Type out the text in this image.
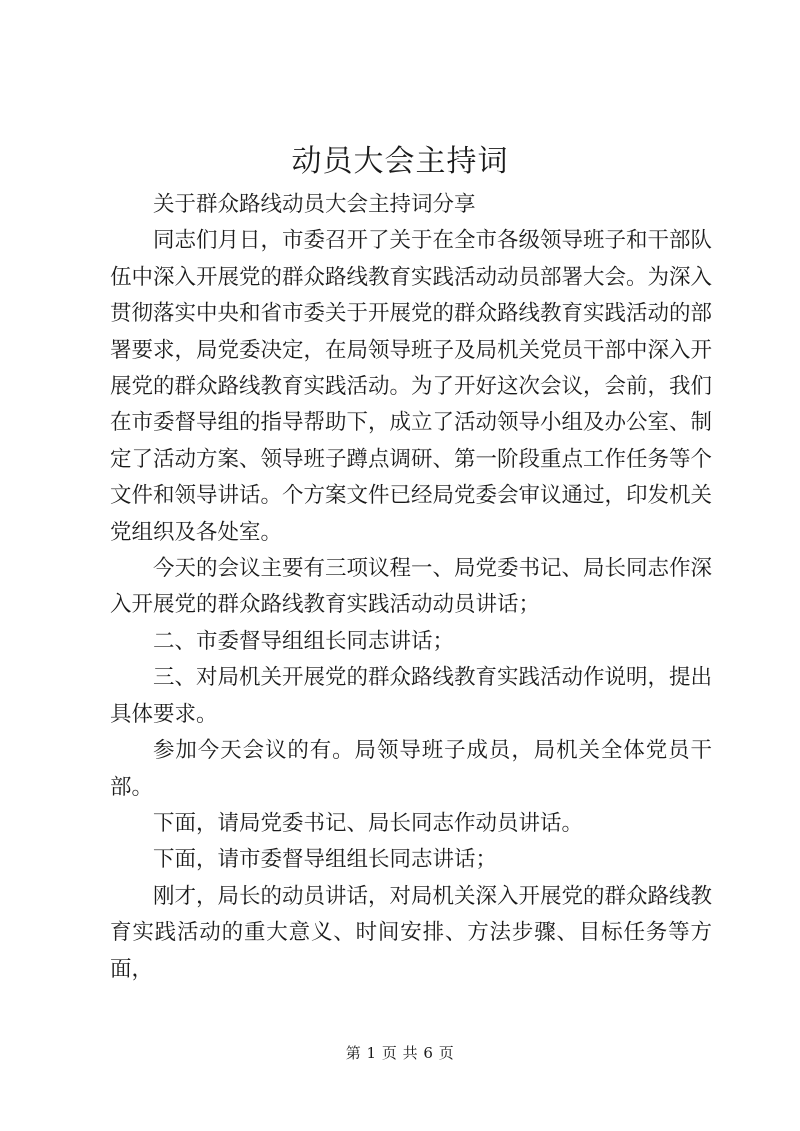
动员大会主持词

关于群众路线动员大会主持词分享

同志们月日，市委召开了关于在全市各级领导班子和干部队伍中深入开展党的群众路线教育实践活动动员部署大会。为深入贯彻落实中央和省市委关于开展党的群众路线教育实践活动的部署要求，局党委决定，在局领导班子及局机关党员干部中深入开展党的群众路线教育实践活动。为了开好这次会议，会前，我们在市委督导组的指导帮助下，成立了活动领导小组及办公室、制定了活动方案、领导班子蹲点调研、第一阶段重点工作任务等个文件和领导讲话。个方案文件已经局党委会审议通过，印发机关党组织及各处室。

今天的会议主要有三项议程一、局党委书记、局长同志作深入开展党的群众路线教育实践活动动员讲话；

二、市委督导组组长同志讲话；

三、对局机关开展党的群众路线教育实践活动作说明，提出具体要求。

参加今天会议的有。局领导班子成员，局机关全体党员干部。

下面，请局党委书记、局长同志作动员讲话。

下面，请市委督导组组长同志讲话；

刚才，局长的动员讲话，对局机关深入开展党的群众路线教育实践活动的重大意义、时间安排、方法步骤、目标任务等方面，

第 1 页 共 6 页
